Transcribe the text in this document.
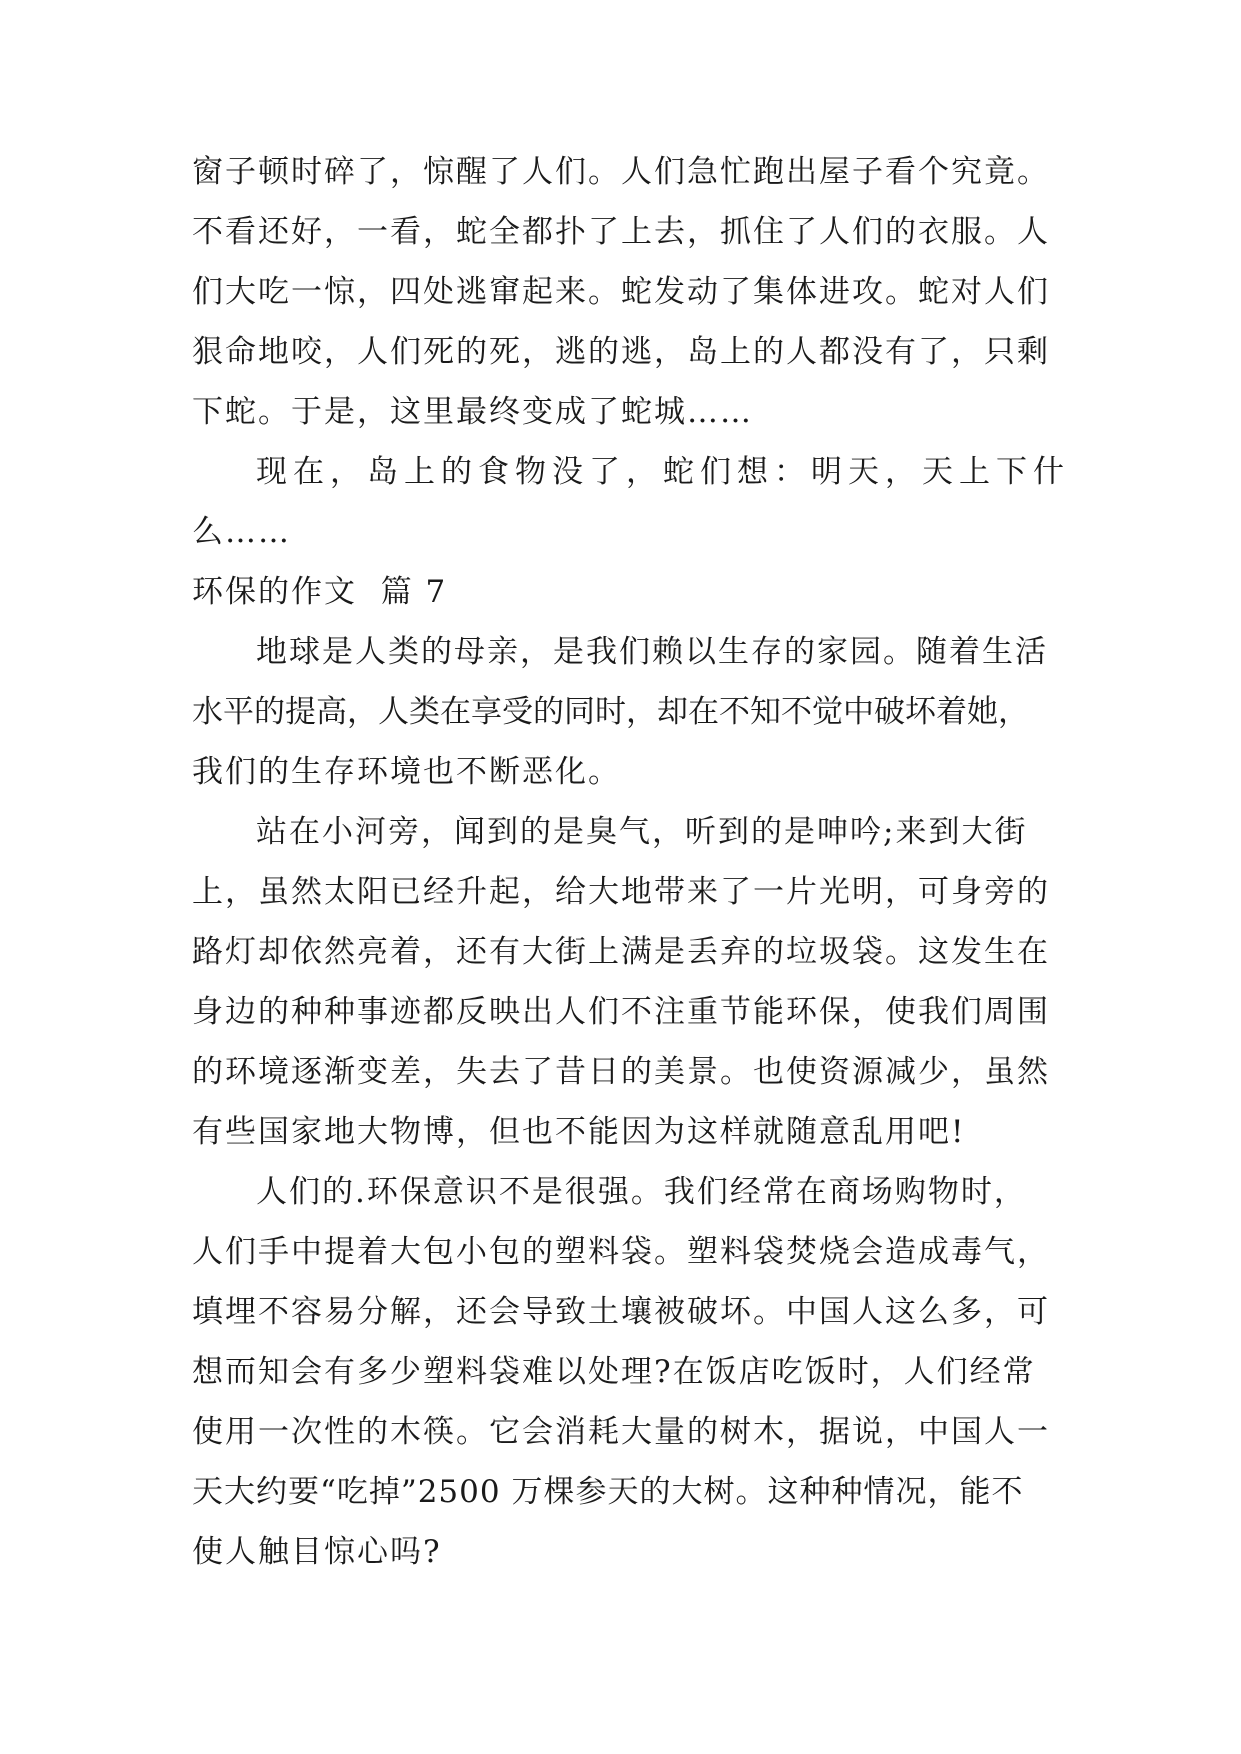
窗子顿时碎了，惊醒了人们。人们急忙跑出屋子看个究竟。
不看还好，一看，蛇全都扑了上去，抓住了人们的衣服。人
们大吃一惊，四处逃窜起来。蛇发动了集体进攻。蛇对人们
狠命地咬，人们死的死，逃的逃，岛上的人都没有了，只剩
下蛇。于是，这里最终变成了蛇城……
现在，岛上的食物没了，蛇们想：明天，天上下什
么……
环保的作文  篇 7
地球是人类的母亲，是我们赖以生存的家园。随着生活
水平的提高，人类在享受的同时，却在不知不觉中破坏着她，
我们的生存环境也不断恶化。
站在小河旁，闻到的是臭气，听到的是呻吟;来到大街
上，虽然太阳已经升起，给大地带来了一片光明，可身旁的
路灯却依然亮着，还有大街上满是丢弃的垃圾袋。这发生在
身边的种种事迹都反映出人们不注重节能环保，使我们周围
的环境逐渐变差，失去了昔日的美景。也使资源减少，虽然
有些国家地大物博，但也不能因为这样就随意乱用吧!
人们的.环保意识不是很强。我们经常在商场购物时，
人们手中提着大包小包的塑料袋。塑料袋焚烧会造成毒气，
填埋不容易分解，还会导致土壤被破坏。中国人这么多，可
想而知会有多少塑料袋难以处理?在饭店吃饭时，人们经常
使用一次性的木筷。它会消耗大量的树木，据说，中国人一
天大约要“吃掉”2500 万棵参天的大树。这种种情况，能不
使人触目惊心吗?
